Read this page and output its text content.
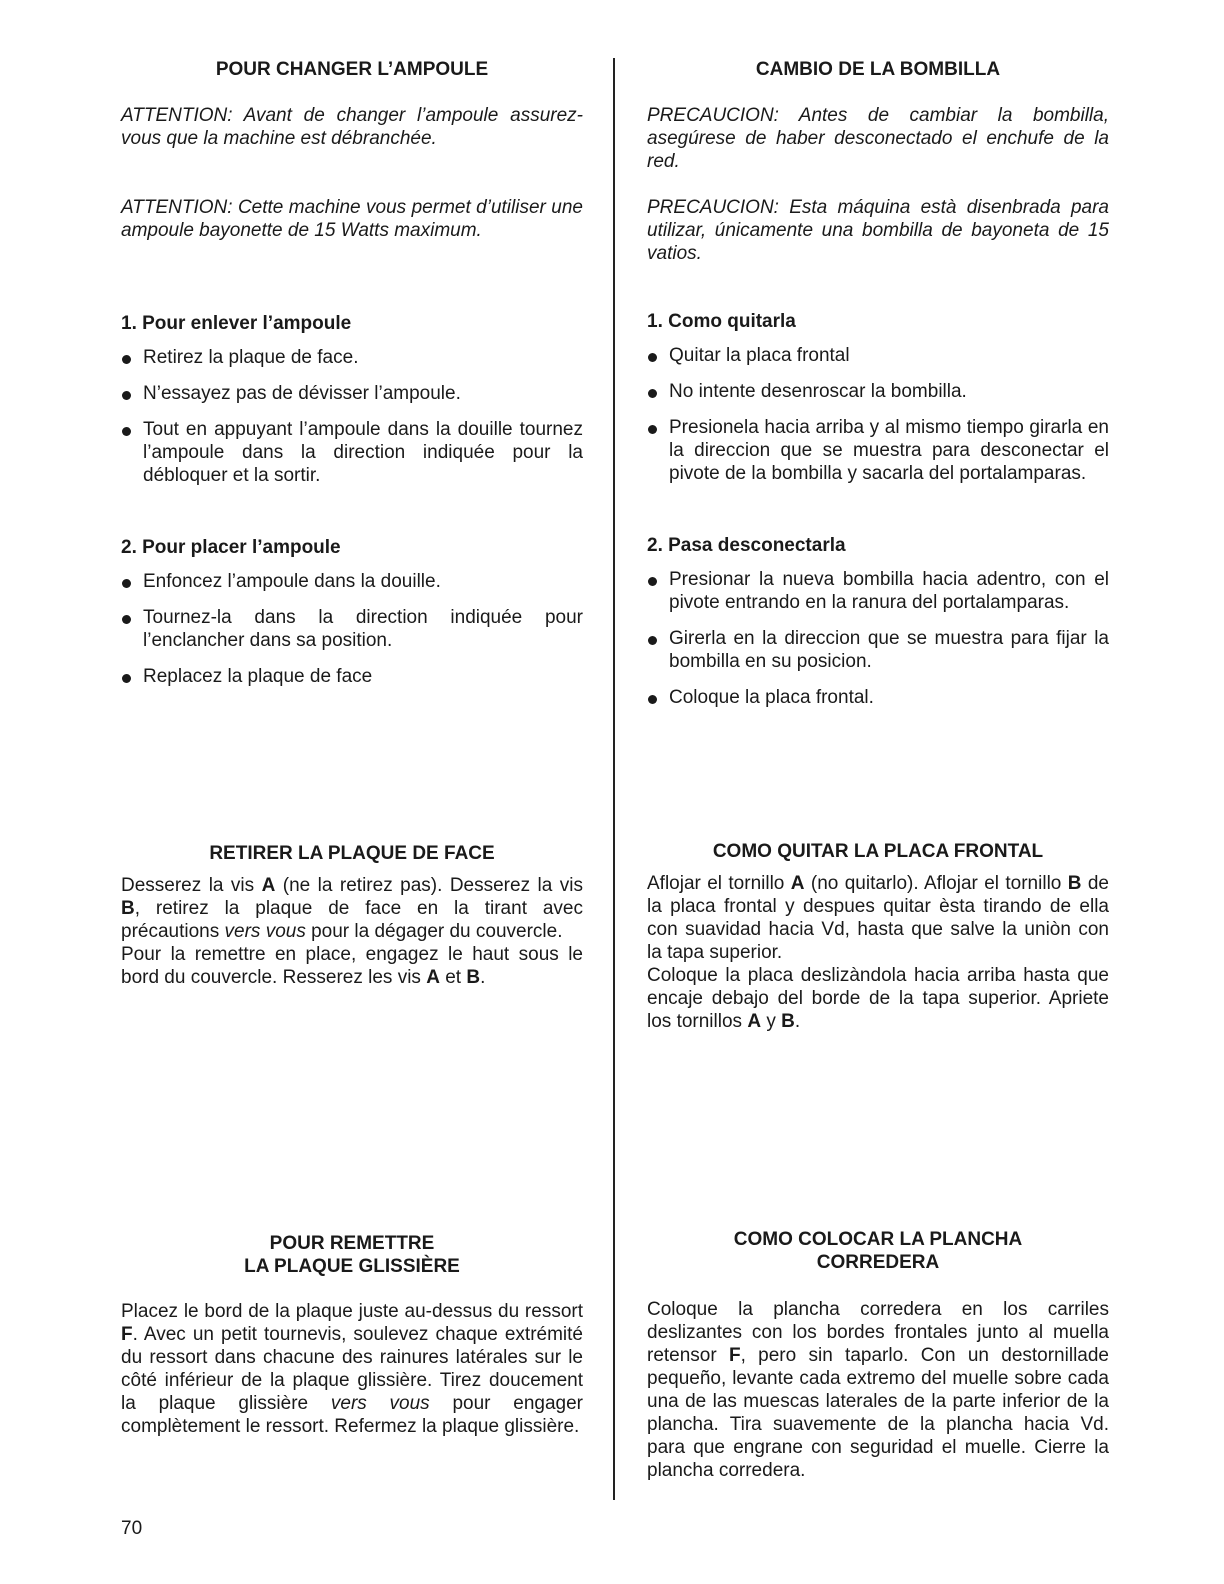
POUR CHANGER L’AMPOULE
ATTENTION: Avant de changer l’ampoule assurez-vous que la machine est débranchée.
ATTENTION: Cette machine vous permet d’utiliser une ampoule bayonette de 15 Watts maximum.
1. Pour enlever l’ampoule
Retirez la plaque de face.
N’essayez pas de dévisser l’ampoule.
Tout en appuyant l’ampoule dans la douille tournez l’ampoule dans la direction indiquée pour la débloquer et la sortir.
2. Pour placer l’ampoule
Enfoncez l’ampoule dans la douille.
Tournez-la dans la direction indiquée pour l’enclancher dans sa position.
Replacez la plaque de face
RETIRER LA PLAQUE DE FACE
Desserez la vis A (ne la retirez pas). Desserez la vis B, retirez la plaque de face en la tirant avec précautions vers vous pour la dégager du couvercle.
Pour la remettre en place, engagez le haut sous le bord du couvercle. Resserez les vis A et B.
POUR REMETTRE
LA PLAQUE GLISSIÈRE
Placez le bord de la plaque juste au-dessus du ressort F. Avec un petit tournevis, soulevez chaque extrémité du ressort dans chacune des rainures latérales sur le côté inférieur de la plaque glissière. Tirez doucement la plaque glissière vers vous pour engager complètement le ressort. Refermez la plaque glissière.
CAMBIO DE LA BOMBILLA
PRECAUCION: Antes de cambiar la bombilla, asegúrese de haber desconectado el enchufe de la red.
PRECAUCION: Esta máquina està disenbrada para utilizar, únicamente una bombilla de bayoneta de 15 vatios.
1. Como quitarla
Quitar la placa frontal
No intente desenroscar la bombilla.
Presionela hacia arriba y al mismo tiempo girarla en la direccion que se muestra para desconectar el pivote de la bombilla y sacarla del portalamparas.
2. Pasa desconectarla
Presionar la nueva bombilla hacia adentro, con el pivote entrando en la ranura del portalamparas.
Girerla en la direccion que se muestra para fijar la bombilla en su posicion.
Coloque la placa frontal.
COMO QUITAR LA PLACA FRONTAL
Aflojar el tornillo A (no quitarlo). Aflojar el tornillo B de la placa frontal y despues quitar èsta tirando de ella con suavidad hacia Vd, hasta que salve la uniòn con la tapa superior.
Coloque la placa deslizàndola hacia arriba hasta que encaje debajo del borde de la tapa superior. Apriete los tornillos A y B.
COMO COLOCAR LA PLANCHA
CORREDERA
Coloque la plancha corredera en los carriles deslizantes con los bordes frontales junto al muella retensor F, pero sin taparlo. Con un destornillade pequeño, levante cada extremo del muelle sobre cada una de las muescas laterales de la parte inferior de la plancha. Tira suavemente de la plancha hacia Vd. para que engrane con seguridad el muelle. Cierre la plancha corredera.
70
